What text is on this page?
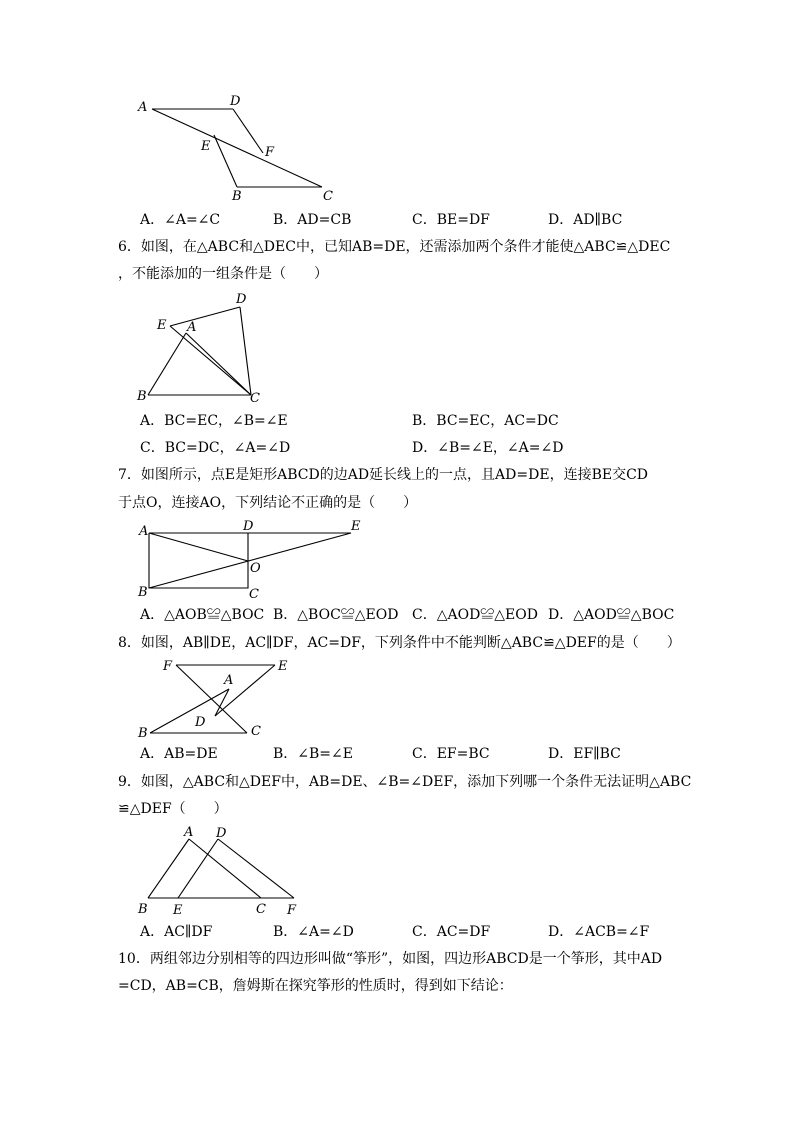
A	D
E	F
B	C
A．∠A=∠C	B．AD=CB	C．BE=DF	D．AD∥BC
6．如图，在△ABC和△DEC中，已知AB=DE，还需添加两个条件才能使△ABC≌△DEC
，不能添加的一组条件是（　　）
D
E A
B	C
A．BC=EC，∠B=∠E	B．BC=EC，AC=DC
C．BC=DC，∠A=∠D	D．∠B=∠E，∠A=∠D
7．如图所示，点E是矩形ABCD的边AD延长线上的一点，且AD=DE，连接BE交CD
于点O，连接AO，下列结论不正确的是（　　）
A	D	E
O
B	C
A．△AOB≌△BOC B．△BOC≌△EOD C．△AOD≌△EOD D．△AOD≌△BOC
8．如图，AB∥DE，AC∥DF，AC=DF，下列条件中不能判断△ABC≌△DEF的是（　　）
F	E
A
D
B	C
A．AB=DE	B．∠B=∠E	C．EF=BC	D．EF∥BC
9．如图，△ABC和△DEF中，AB=DE、∠B=∠DEF，添加下列哪一个条件无法证明△ABC
≌△DEF（　　）
A D
B E	C F
A．AC∥DF	B．∠A=∠D	C．AC=DF	D．∠ACB=∠F
10．两组邻边分别相等的四边形叫做“筝形”，如图，四边形ABCD是一个筝形，其中AD
=CD，AB=CB，詹姆斯在探究筝形的性质时，得到如下结论：
